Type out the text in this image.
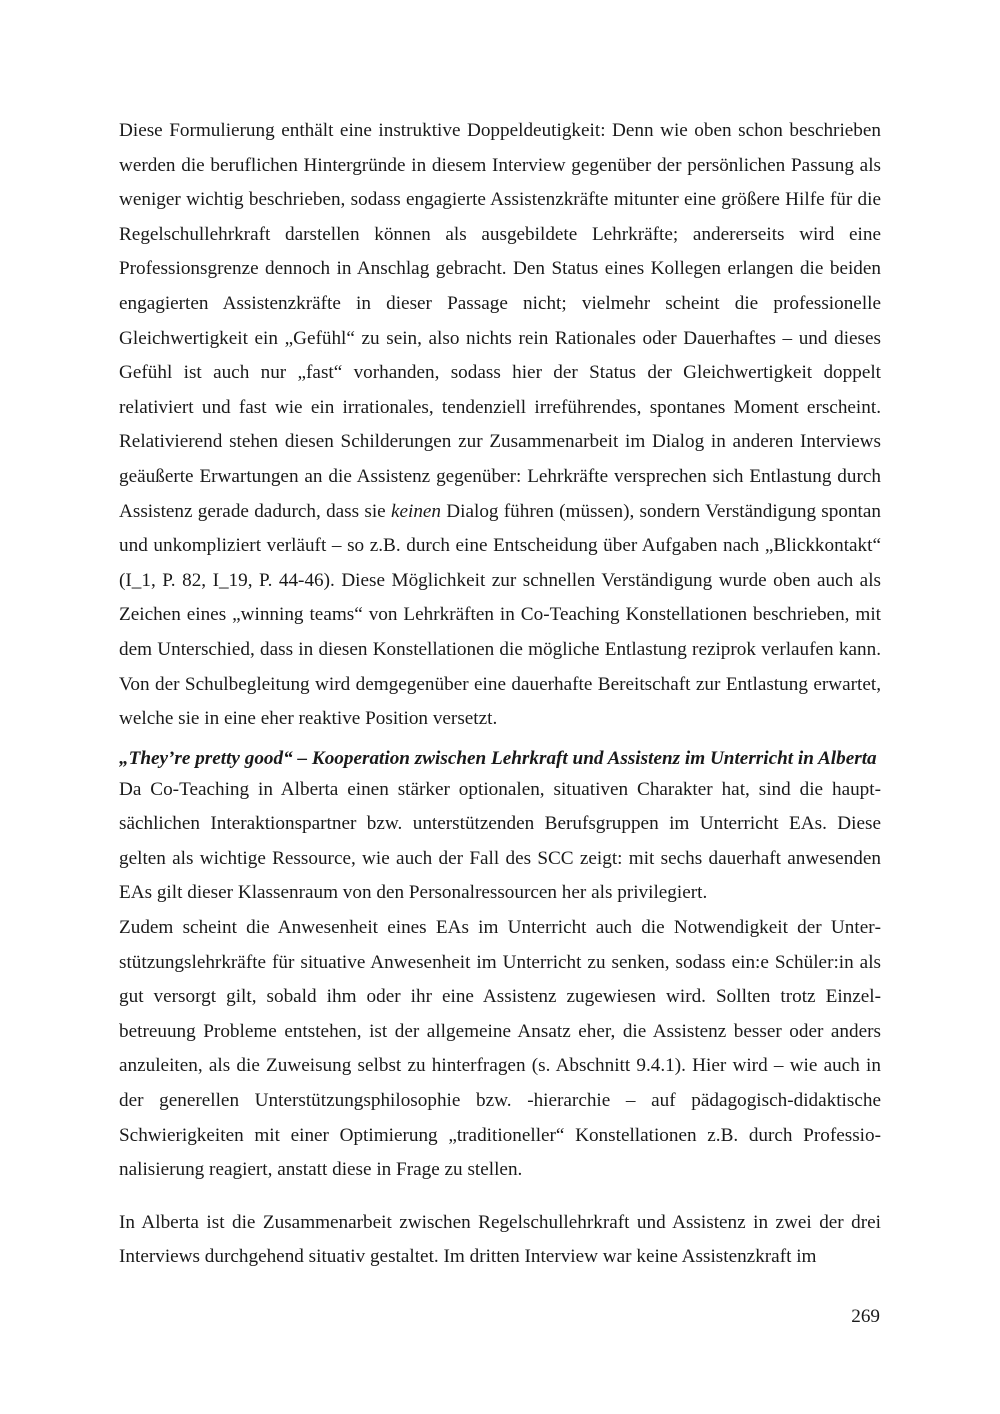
Diese Formulierung enthält eine instruktive Doppeldeutigkeit: Denn wie oben schon beschrieben werden die beruflichen Hintergründe in diesem Interview gegenüber der persönlichen Passung als weniger wichtig beschrieben, sodass engagierte Assistenzkräfte mitunter eine größere Hilfe für die Regelschullehrkraft darstellen können als ausgebildete Lehrkräfte; andererseits wird eine Professionsgrenze dennoch in Anschlag gebracht. Den Status eines Kollegen erlangen die beiden engagierten Assistenzkräfte in dieser Passage nicht; vielmehr scheint die professionelle Gleichwertigkeit ein „Gefühl“ zu sein, also nichts rein Rationales oder Dauerhaftes – und dieses Gefühl ist auch nur „fast“ vorhanden, sodass hier der Status der Gleichwertigkeit doppelt relativiert und fast wie ein irrationales, tendenziell irreführendes, spontanes Moment erscheint. Relativierend stehen diesen Schilderungen zur Zusammenarbeit im Dialog in anderen Interviews geäußerte Erwartungen an die Assistenz gegenüber: Lehrkräfte versprechen sich Entlastung durch Assistenz gerade dadurch, dass sie keinen Dialog führen (müssen), sondern Verständigung spontan und unkompliziert verläuft – so z.B. durch eine Entscheidung über Aufgaben nach „Blickkontakt“ (I_1, P. 82, I_19, P. 44-46). Diese Möglichkeit zur schnellen Verständigung wurde oben auch als Zeichen eines „winning teams“ von Lehrkräften in Co-Teaching Konstellationen beschrieben, mit dem Unterschied, dass in diesen Konstellationen die mögliche Entlastung reziprok verlaufen kann. Von der Schulbegleitung wird demgegenüber eine dauerhafte Bereitschaft zur Entlastung erwartet, welche sie in eine eher reaktive Position versetzt.

„They’re pretty good“ – Kooperation zwischen Lehrkraft und Assistenz im Unterricht in Alberta

Da Co-Teaching in Alberta einen stärker optionalen, situativen Charakter hat, sind die hauptsächlichen Interaktionspartner bzw. unterstützenden Berufsgruppen im Unterricht EAs. Diese gelten als wichtige Ressource, wie auch der Fall des SCC zeigt: mit sechs dauerhaft anwesenden EAs gilt dieser Klassenraum von den Personalressourcen her als privilegiert.

Zudem scheint die Anwesenheit eines EAs im Unterricht auch die Notwendigkeit der Unterstützungslehrkräfte für situative Anwesenheit im Unterricht zu senken, sodass ein:e Schüler:in als gut versorgt gilt, sobald ihm oder ihr eine Assistenz zugewiesen wird. Sollten trotz Einzelbetreuung Probleme entstehen, ist der allgemeine Ansatz eher, die Assistenz besser oder anders anzuleiten, als die Zuweisung selbst zu hinterfragen (s. Abschnitt 9.4.1). Hier wird – wie auch in der generellen Unterstützungsphilosophie bzw. -hierarchie – auf pädagogisch-didaktische Schwierigkeiten mit einer Optimierung „traditioneller“ Konstellationen z.B. durch Professionalisierung reagiert, anstatt diese in Frage zu stellen.

In Alberta ist die Zusammenarbeit zwischen Regelschullehrkraft und Assistenz in zwei der drei Interviews durchgehend situativ gestaltet. Im dritten Interview war keine Assistenzkraft im

269
